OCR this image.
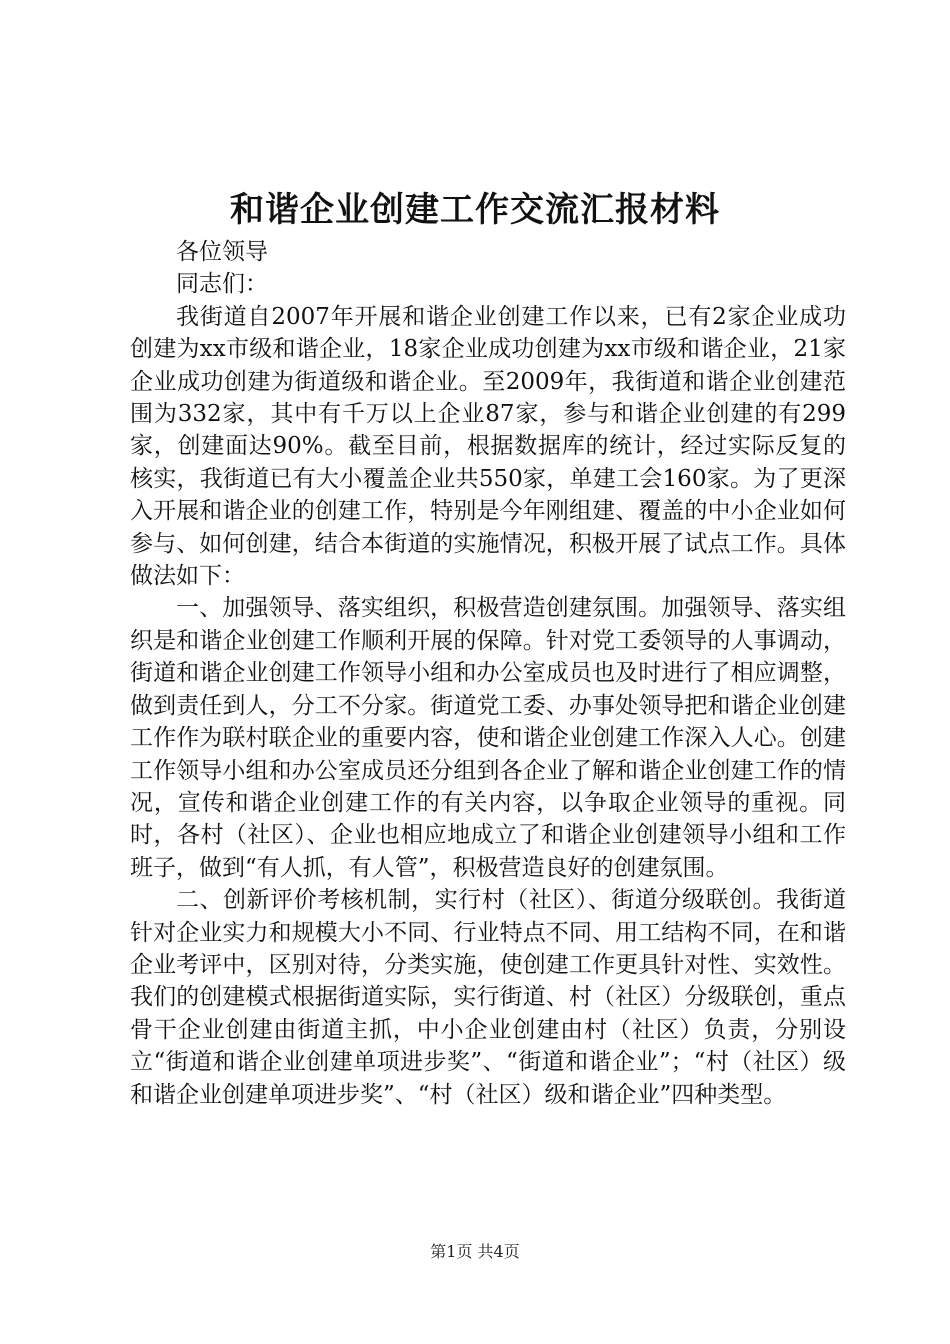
和谐企业创建工作交流汇报材料

各位领导

同志们：

我街道自2007年开展和谐企业创建工作以来，已有2家企业成功创建为xx市级和谐企业，18家企业成功创建为xx市级和谐企业，21家企业成功创建为街道级和谐企业。至2009年，我街道和谐企业创建范围为332家，其中有千万以上企业87家，参与和谐企业创建的有299家，创建面达90%。截至目前，根据数据库的统计，经过实际反复的核实，我街道已有大小覆盖企业共550家，单建工会160家。为了更深入开展和谐企业的创建工作，特别是今年刚组建、覆盖的中小企业如何参与、如何创建，结合本街道的实施情况，积极开展了试点工作。具体做法如下：

一、加强领导、落实组织，积极营造创建氛围。加强领导、落实组织是和谐企业创建工作顺利开展的保障。针对党工委领导的人事调动，街道和谐企业创建工作领导小组和办公室成员也及时进行了相应调整，做到责任到人，分工不分家。街道党工委、办事处领导把和谐企业创建工作作为联村联企业的重要内容，使和谐企业创建工作深入人心。创建工作领导小组和办公室成员还分组到各企业了解和谐企业创建工作的情况，宣传和谐企业创建工作的有关内容，以争取企业领导的重视。同时，各村（社区）、企业也相应地成立了和谐企业创建领导小组和工作班子，做到“有人抓，有人管”，积极营造良好的创建氛围。

二、创新评价考核机制，实行村（社区）、街道分级联创。我街道针对企业实力和规模大小不同、行业特点不同、用工结构不同，在和谐企业考评中，区别对待，分类实施，使创建工作更具针对性、实效性。我们的创建模式根据街道实际，实行街道、村（社区）分级联创，重点骨干企业创建由街道主抓，中小企业创建由村（社区）负责，分别设立“街道和谐企业创建单项进步奖”、“街道和谐企业”；“村（社区）级和谐企业创建单项进步奖”、“村（社区）级和谐企业”四种类型。

第1页 共4页
